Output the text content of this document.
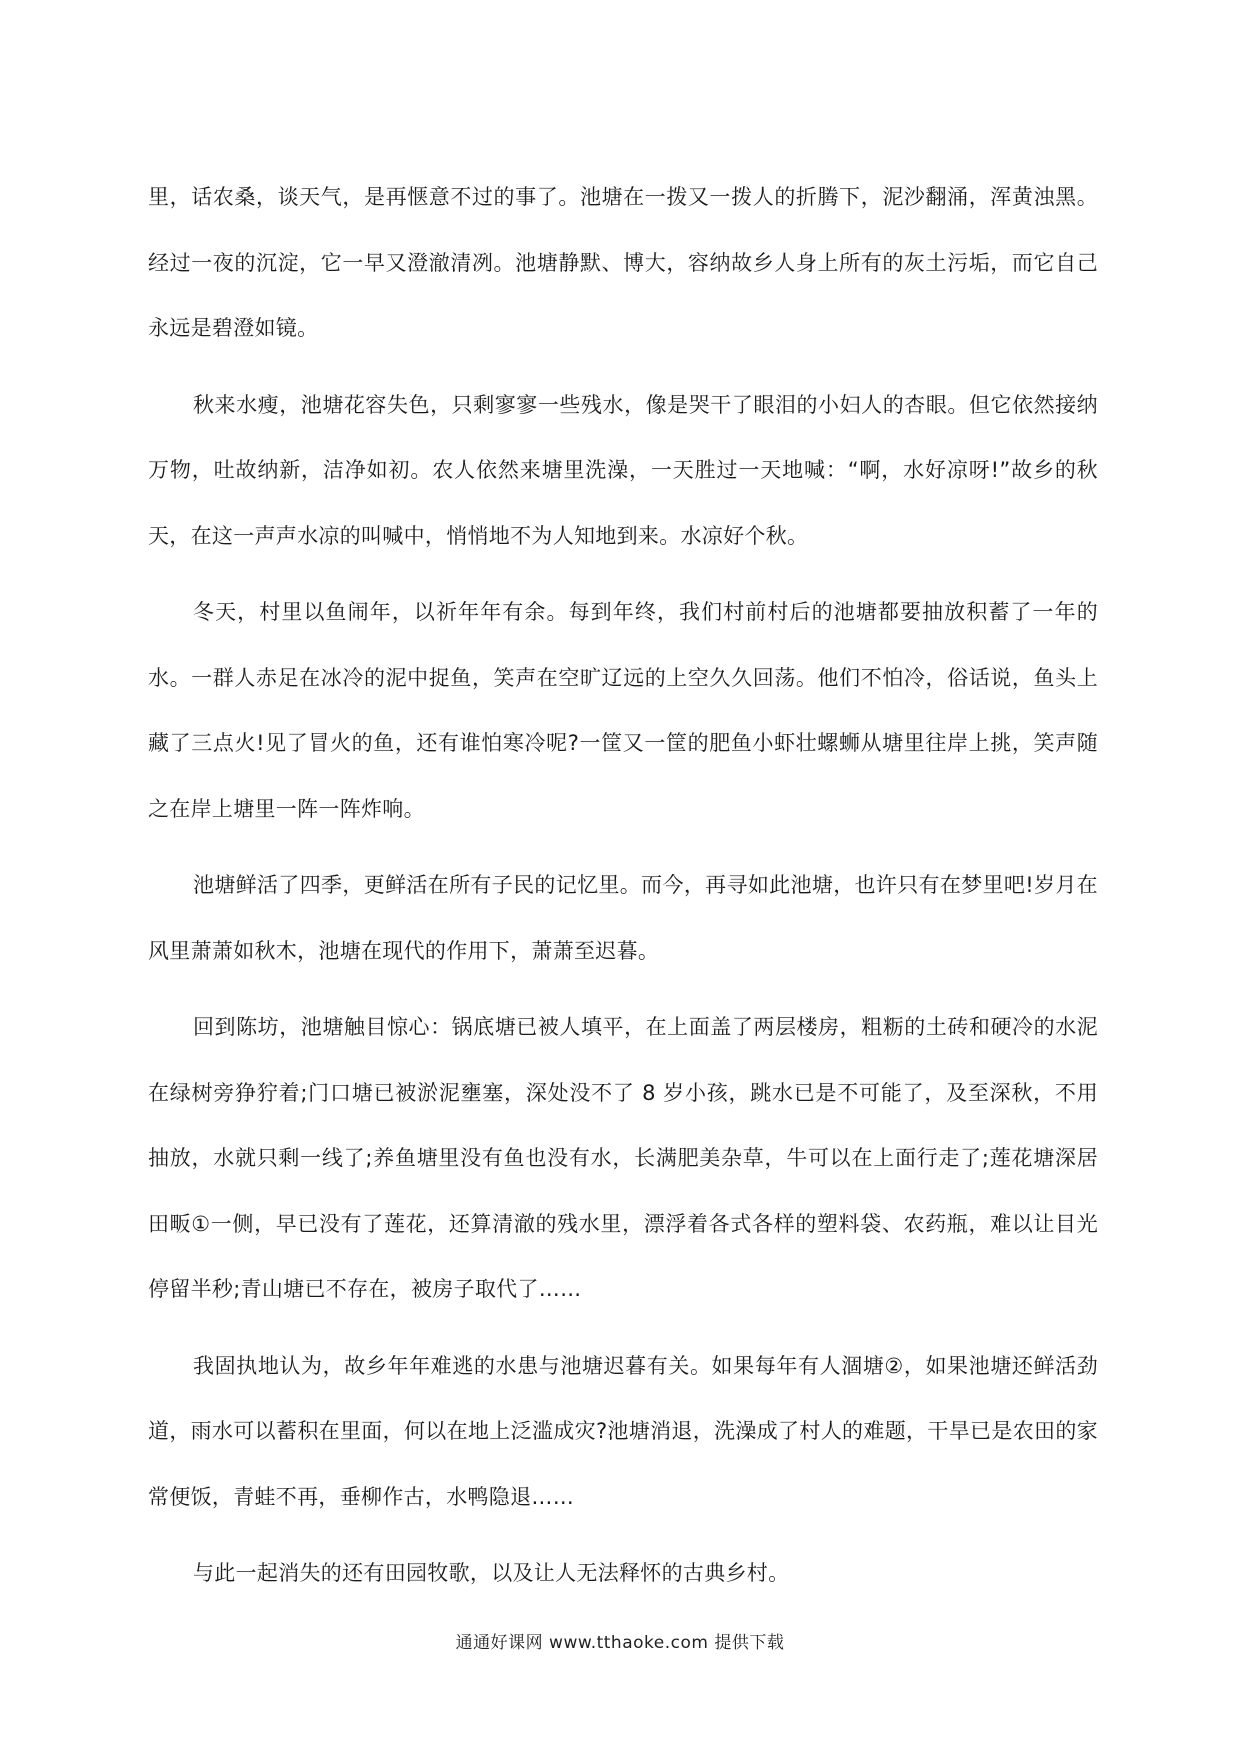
里，话农桑，谈天气，是再惬意不过的事了。池塘在一拨又一拨人的折腾下，泥沙翻涌，浑黄浊黑。经过一夜的沉淀，它一早又澄澈清冽。池塘静默、博大，容纳故乡人身上所有的灰土污垢，而它自己永远是碧澄如镜。

秋来水瘦，池塘花容失色，只剩寥寥一些残水，像是哭干了眼泪的小妇人的杏眼。但它依然接纳万物，吐故纳新，洁净如初。农人依然来塘里洗澡，一天胜过一天地喊：“啊，水好凉呀!”故乡的秋天，在这一声声水凉的叫喊中，悄悄地不为人知地到来。水凉好个秋。

冬天，村里以鱼闹年，以祈年年有余。每到年终，我们村前村后的池塘都要抽放积蓄了一年的水。一群人赤足在冰冷的泥中捉鱼，笑声在空旷辽远的上空久久回荡。他们不怕冷，俗话说，鱼头上藏了三点火!见了冒火的鱼，还有谁怕寒冷呢?一筐又一筐的肥鱼小虾壮螺蛳从塘里往岸上挑，笑声随之在岸上塘里一阵一阵炸响。

池塘鲜活了四季，更鲜活在所有子民的记忆里。而今，再寻如此池塘，也许只有在梦里吧!岁月在风里萧萧如秋木，池塘在现代的作用下，萧萧至迟暮。

回到陈坊，池塘触目惊心：锅底塘已被人填平，在上面盖了两层楼房，粗粝的土砖和硬冷的水泥在绿树旁狰狞着;门口塘已被淤泥壅塞，深处没不了 8 岁小孩，跳水已是不可能了，及至深秋，不用抽放，水就只剩一线了;养鱼塘里没有鱼也没有水，长满肥美杂草，牛可以在上面行走了;莲花塘深居田畈①一侧，早已没有了莲花，还算清澈的残水里，漂浮着各式各样的塑料袋、农药瓶，难以让目光停留半秒;青山塘已不存在，被房子取代了……

我固执地认为，故乡年年难逃的水患与池塘迟暮有关。如果每年有人涸塘②，如果池塘还鲜活劲道，雨水可以蓄积在里面，何以在地上泛滥成灾?池塘消退，洗澡成了村人的难题，干旱已是农田的家常便饭，青蛙不再，垂柳作古，水鸭隐退……

与此一起消失的还有田园牧歌，以及让人无法释怀的古典乡村。

通通好课网 www.tthaoke.com 提供下载
